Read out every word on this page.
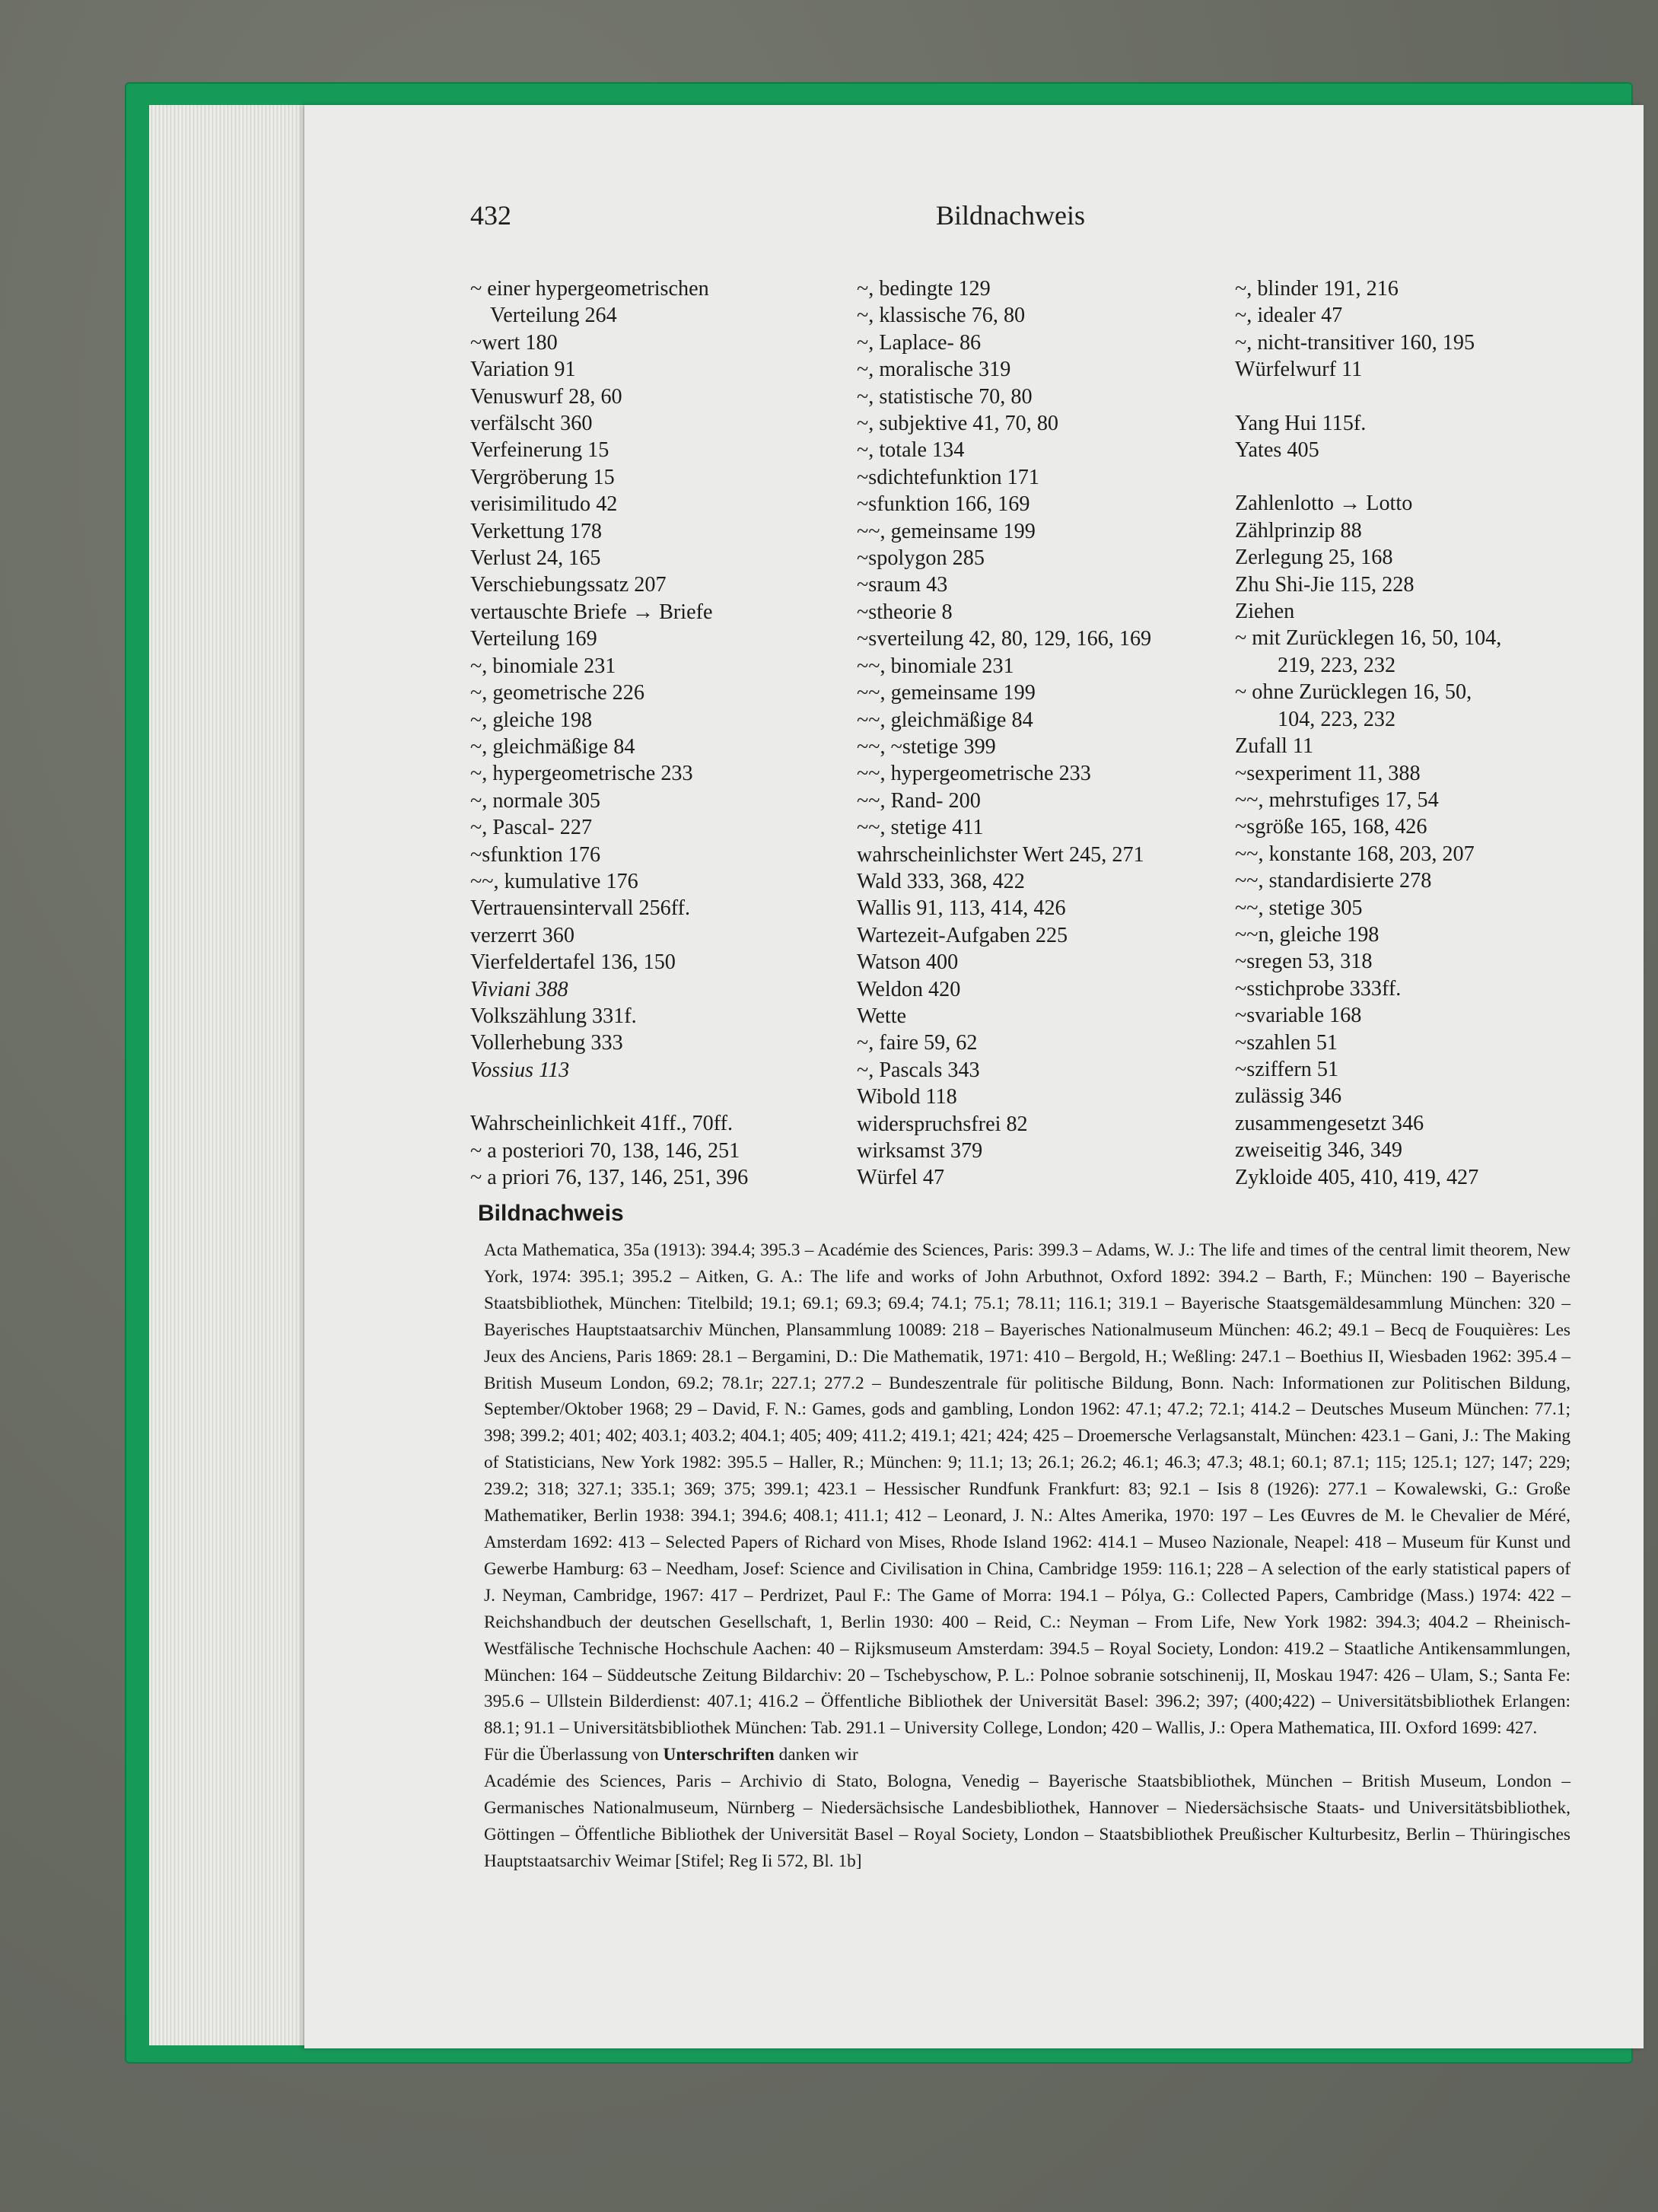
432	Bildnachweis
~ einer hypergeometrischen
Verteilung 264
~wert 180
Variation 91
Venuswurf 28, 60
verfälscht 360
Verfeinerung 15
Vergröberung 15
verisimilitudo 42
Verkettung 178
Verlust 24, 165
Verschiebungssatz 207
vertauschte Briefe → Briefe
Verteilung 169
~, binomiale 231
~, geometrische 226
~, gleiche 198
~, gleichmäßige 84
~, hypergeometrische 233
~, normale 305
~, Pascal- 227
~sfunktion 176
~~, kumulative 176
Vertrauensintervall 256ff.
verzerrt 360
Vierfeldertafel 136, 150
Viviani 388
Volkszählung 331f.
Vollerhebung 333
Vossius 113
Wahrscheinlichkeit 41ff., 70ff.
~ a posteriori 70, 138, 146, 251
~ a priori 76, 137, 146, 251, 396
~, bedingte 129
~, klassische 76, 80
~, Laplace- 86
~, moralische 319
~, statistische 70, 80
~, subjektive 41, 70, 80
~, totale 134
~sdichtefunktion 171
~sfunktion 166, 169
~~, gemeinsame 199
~spolygon 285
~sraum 43
~stheorie 8
~sverteilung 42, 80, 129, 166, 169
~~, binomiale 231
~~, gemeinsame 199
~~, gleichmäßige 84
~~, ~stetige 399
~~, hypergeometrische 233
~~, Rand- 200
~~, stetige 411
wahrscheinlichster Wert 245, 271
Wald 333, 368, 422
Wallis 91, 113, 414, 426
Wartezeit-Aufgaben 225
Watson 400
Weldon 420
Wette
~, faire 59, 62
~, Pascals 343
Wibold 118
widerspruchsfrei 82
wirksamst 379
Würfel 47
~, blinder 191, 216
~, idealer 47
~, nicht-transitiver 160, 195
Würfelwurf 11
Yang Hui 115f.
Yates 405
Zahlenlotto → Lotto
Zählprinzip 88
Zerlegung 25, 168
Zhu Shi-Jie 115, 228
Ziehen
~ mit Zurücklegen 16, 50, 104,
219, 223, 232
~ ohne Zurücklegen 16, 50,
104, 223, 232
Zufall 11
~sexperiment 11, 388
~~, mehrstufiges 17, 54
~sgröße 165, 168, 426
~~, konstante 168, 203, 207
~~, standardisierte 278
~~, stetige 305
~~n, gleiche 198
~sregen 53, 318
~sstichprobe 333ff.
~svariable 168
~szahlen 51
~sziffern 51
zulässig 346
zusammengesetzt 346
zweiseitig 346, 349
Zykloide 405, 410, 419, 427
Bildnachweis

Acta Mathematica, 35a (1913): 394.4; 395.3 – Académie des Sciences, Paris: 399.3 – Adams, W. J.: The life and times of the central limit theorem, New York, 1974: 395.1; 395.2 – Aitken, G. A.: The life and works of John Arbuthnot, Oxford 1892: 394.2 – Barth, F.; München: 190 – Bayerische Staatsbibliothek, München: Titelbild; 19.1; 69.1; 69.3; 69.4; 74.1; 75.1; 78.11; 116.1; 319.1 – Bayerische Staatsgemäldesammlung München: 320 – Bayerisches Hauptstaatsarchiv München, Plansammlung 10089: 218 – Bayerisches Nationalmuseum München: 46.2; 49.1 – Becq de Fouquières: Les Jeux des Anciens, Paris 1869: 28.1 – Bergamini, D.: Die Mathematik, 1971: 410 – Bergold, H.; Weßling: 247.1 – Boethius II, Wiesbaden 1962: 395.4 – British Museum London, 69.2; 78.1r; 227.1; 277.2 – Bundeszentrale für politische Bildung, Bonn. Nach: Informationen zur Politischen Bildung, September/Oktober 1968; 29 – David, F. N.: Games, gods and gambling, London 1962: 47.1; 47.2; 72.1; 414.2 – Deutsches Museum München: 77.1; 398; 399.2; 401; 402; 403.1; 403.2; 404.1; 405; 409; 411.2; 419.1; 421; 424; 425 – Droemersche Verlagsanstalt, München: 423.1 – Gani, J.: The Making of Statisticians, New York 1982: 395.5 – Haller, R.; München: 9; 11.1; 13; 26.1; 26.2; 46.1; 46.3; 47.3; 48.1; 60.1; 87.1; 115; 125.1; 127; 147; 229; 239.2; 318; 327.1; 335.1; 369; 375; 399.1; 423.1 – Hessischer Rundfunk Frankfurt: 83; 92.1 – Isis 8 (1926): 277.1 – Kowalewski, G.: Große Mathematiker, Berlin 1938: 394.1; 394.6; 408.1; 411.1; 412 – Leonard, J. N.: Altes Amerika, 1970: 197 – Les Œuvres de M. le Chevalier de Méré, Amsterdam 1692: 413 – Selected Papers of Richard von Mises, Rhode Island 1962: 414.1 – Museo Nazionale, Neapel: 418 – Museum für Kunst und Gewerbe Hamburg: 63 – Needham, Josef: Science and Civilisation in China, Cambridge 1959: 116.1; 228 – A selection of the early statistical papers of J. Neyman, Cambridge, 1967: 417 – Perdrizet, Paul F.: The Game of Morra: 194.1 – Pólya, G.: Collected Papers, Cambridge (Mass.) 1974: 422 – Reichshandbuch der deutschen Gesellschaft, 1, Berlin 1930: 400 – Reid, C.: Neyman – From Life, New York 1982: 394.3; 404.2 – Rheinisch-Westfälische Technische Hochschule Aachen: 40 – Rijksmuseum Amsterdam: 394.5 – Royal Society, London: 419.2 – Staatliche Antikensammlungen, München: 164 – Süddeutsche Zeitung Bildarchiv: 20 – Tschebyschow, P. L.: Polnoe sobranie sotschinenij, II, Moskau 1947: 426 – Ulam, S.; Santa Fe: 395.6 – Ullstein Bilderdienst: 407.1; 416.2 – Öffentliche Bibliothek der Universität Basel: 396.2; 397; (400;422) – Universitätsbibliothek Erlangen: 88.1; 91.1 – Universitätsbibliothek München: Tab. 291.1 – University College, London; 420 – Wallis, J.: Opera Mathematica, III. Oxford 1699: 427.

Für die Überlassung von Unterschriften danken wir

Académie des Sciences, Paris – Archivio di Stato, Bologna, Venedig – Bayerische Staatsbibliothek, München – British Museum, London – Germanisches Nationalmuseum, Nürnberg – Niedersächsische Landesbibliothek, Hannover – Niedersächsische Staats- und Universitätsbibliothek, Göttingen – Öffentliche Bibliothek der Universität Basel – Royal Society, London – Staatsbibliothek Preußischer Kulturbesitz, Berlin – Thüringisches Hauptstaatsarchiv Weimar [Stifel; Reg Ii 572, Bl. 1b]
